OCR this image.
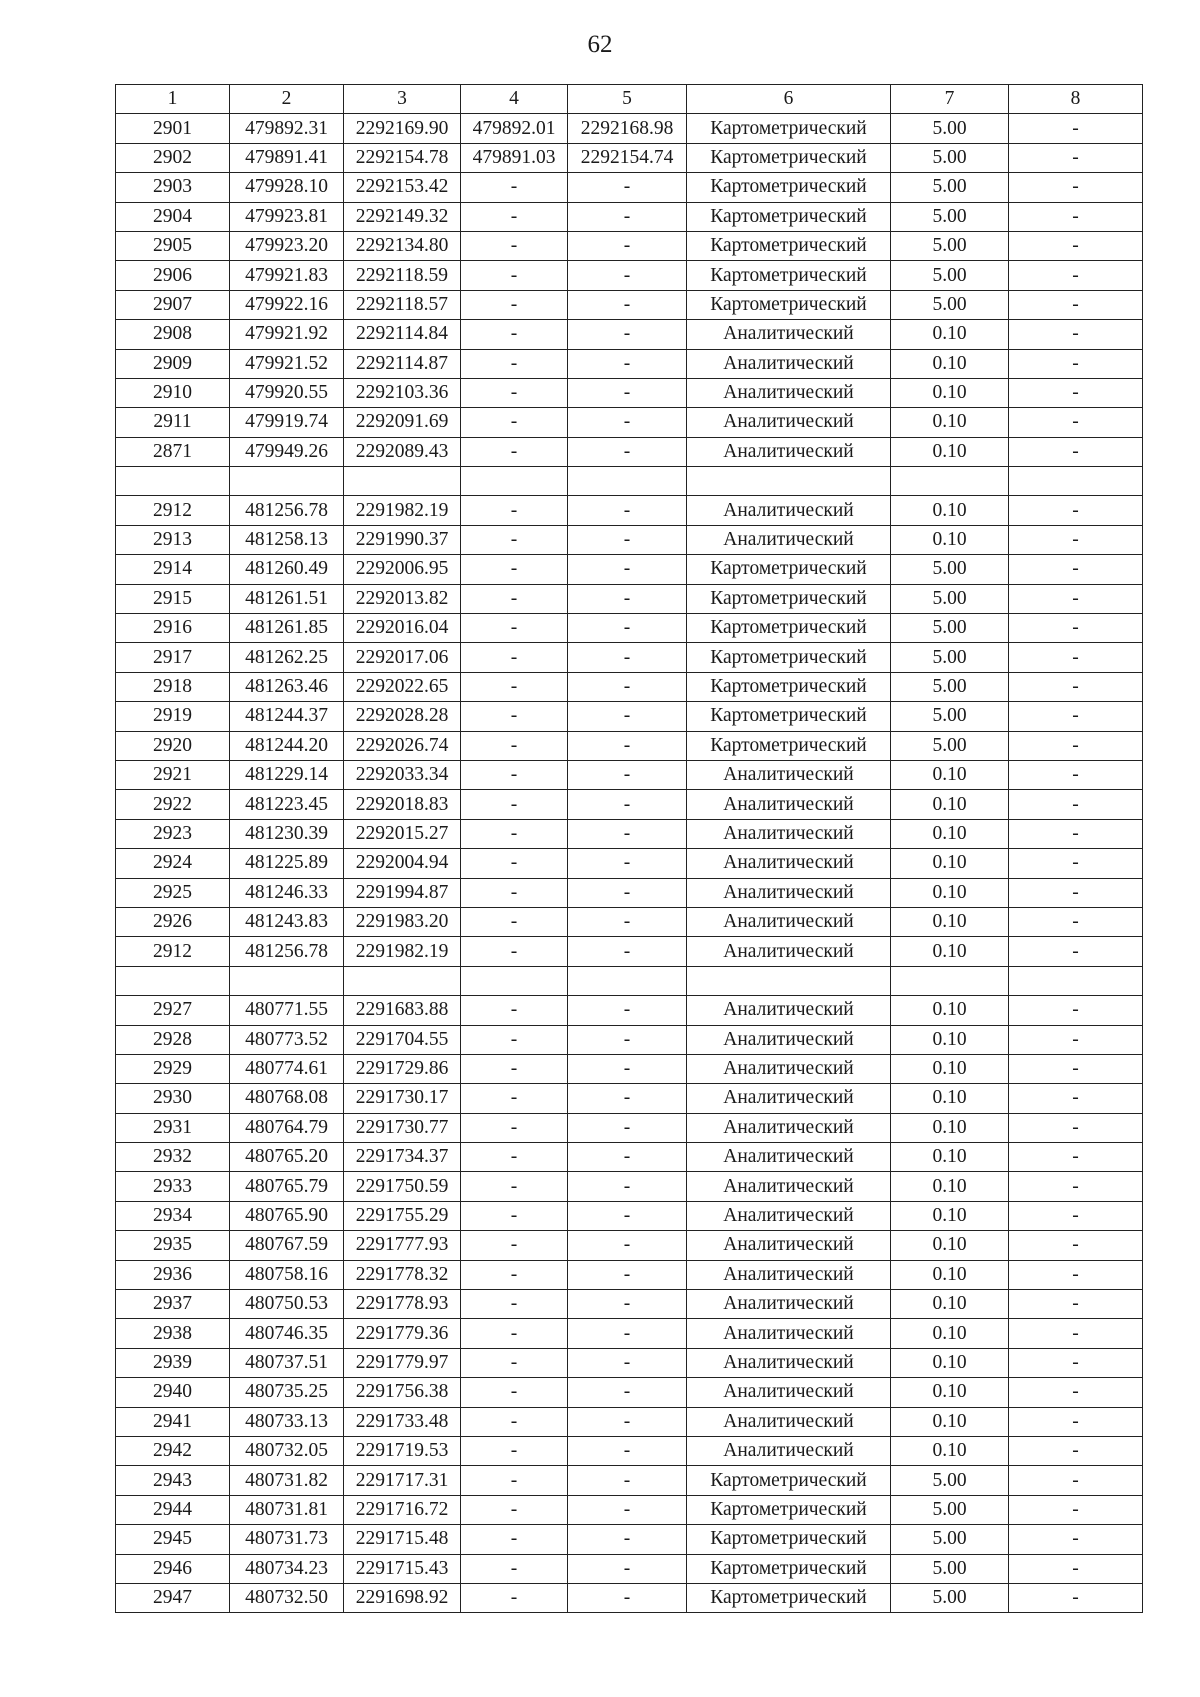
62
1	2	3	4	5	6	7	8
2901	479892.31	2292169.90	479892.01	2292168.98	Картометрический	5.00	-
2902	479891.41	2292154.78	479891.03	2292154.74	Картометрический	5.00	-
2903	479928.10	2292153.42	-	-	Картометрический	5.00	-
2904	479923.81	2292149.32	-	-	Картометрический	5.00	-
2905	479923.20	2292134.80	-	-	Картометрический	5.00	-
2906	479921.83	2292118.59	-	-	Картометрический	5.00	-
2907	479922.16	2292118.57	-	-	Картометрический	5.00	-
2908	479921.92	2292114.84	-	-	Аналитический	0.10	-
2909	479921.52	2292114.87	-	-	Аналитический	0.10	-
2910	479920.55	2292103.36	-	-	Аналитический	0.10	-
2911	479919.74	2292091.69	-	-	Аналитический	0.10	-
2871	479949.26	2292089.43	-	-	Аналитический	0.10	-

2912	481256.78	2291982.19	-	-	Аналитический	0.10	-
2913	481258.13	2291990.37	-	-	Аналитический	0.10	-
2914	481260.49	2292006.95	-	-	Картометрический	5.00	-
2915	481261.51	2292013.82	-	-	Картометрический	5.00	-
2916	481261.85	2292016.04	-	-	Картометрический	5.00	-
2917	481262.25	2292017.06	-	-	Картометрический	5.00	-
2918	481263.46	2292022.65	-	-	Картометрический	5.00	-
2919	481244.37	2292028.28	-	-	Картометрический	5.00	-
2920	481244.20	2292026.74	-	-	Картометрический	5.00	-
2921	481229.14	2292033.34	-	-	Аналитический	0.10	-
2922	481223.45	2292018.83	-	-	Аналитический	0.10	-
2923	481230.39	2292015.27	-	-	Аналитический	0.10	-
2924	481225.89	2292004.94	-	-	Аналитический	0.10	-
2925	481246.33	2291994.87	-	-	Аналитический	0.10	-
2926	481243.83	2291983.20	-	-	Аналитический	0.10	-
2912	481256.78	2291982.19	-	-	Аналитический	0.10	-

2927	480771.55	2291683.88	-	-	Аналитический	0.10	-
2928	480773.52	2291704.55	-	-	Аналитический	0.10	-
2929	480774.61	2291729.86	-	-	Аналитический	0.10	-
2930	480768.08	2291730.17	-	-	Аналитический	0.10	-
2931	480764.79	2291730.77	-	-	Аналитический	0.10	-
2932	480765.20	2291734.37	-	-	Аналитический	0.10	-
2933	480765.79	2291750.59	-	-	Аналитический	0.10	-
2934	480765.90	2291755.29	-	-	Аналитический	0.10	-
2935	480767.59	2291777.93	-	-	Аналитический	0.10	-
2936	480758.16	2291778.32	-	-	Аналитический	0.10	-
2937	480750.53	2291778.93	-	-	Аналитический	0.10	-
2938	480746.35	2291779.36	-	-	Аналитический	0.10	-
2939	480737.51	2291779.97	-	-	Аналитический	0.10	-
2940	480735.25	2291756.38	-	-	Аналитический	0.10	-
2941	480733.13	2291733.48	-	-	Аналитический	0.10	-
2942	480732.05	2291719.53	-	-	Аналитический	0.10	-
2943	480731.82	2291717.31	-	-	Картометрический	5.00	-
2944	480731.81	2291716.72	-	-	Картометрический	5.00	-
2945	480731.73	2291715.48	-	-	Картометрический	5.00	-
2946	480734.23	2291715.43	-	-	Картометрический	5.00	-
2947	480732.50	2291698.92	-	-	Картометрический	5.00	-
